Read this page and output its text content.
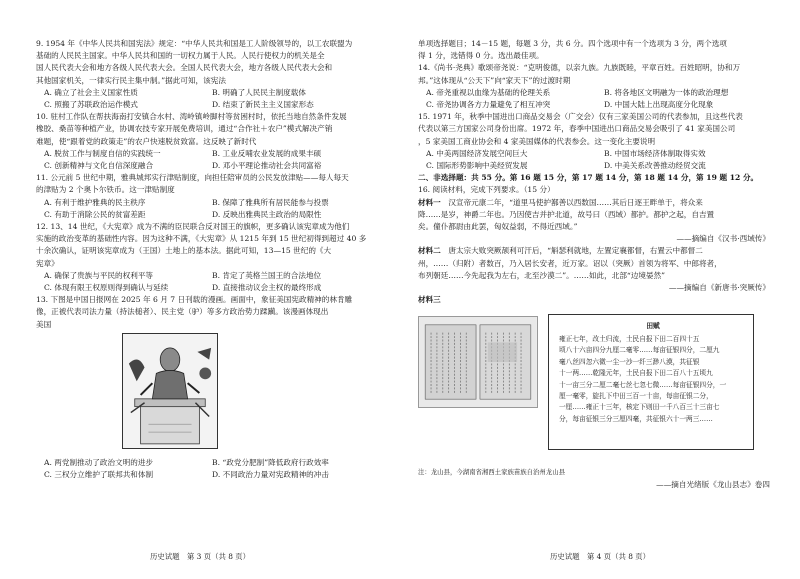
9. 1954 年《中华人民共和国宪法》规定：“中华人民共和国是工人阶级领导的，以工农联盟为
基础的人民民主国家。中华人民共和国的一切权力属于人民。人民行使权力的机关是全
国人民代表大会和地方各级人民代表大会。全国人民代表大会，地方各级人民代表大会和
其他国家机关，一律实行民主集中制。”据此可知，该宪法
A. 确立了社会主义国家性质	B. 明确了人民民主制度载体
C. 照搬了苏联政治运作模式	D. 结束了新民主主义国家形态
10. 驻村工作队在帮扶海南打安镇合水村、湾岭镇岭脚村等贫困村时，依托当地自然条件发展
橡胶、桑苗等种植产业，协调农技专家开展免费培训，通过“合作社＋农户”模式解决产销
难题，使“跟着党的政策走”的农户快速脱贫致富。这反映了新时代
A. 脱贫工作与制度自信的实践统一	B. 工业反哺农业发展的成果丰硕
C. 创新精神与文化自信深度融合	D. 邓小平理论推动社会共同富裕
11. 公元前 5 世纪中期，雅典城邦实行津贴制度，向担任陪审员的公民发放津贴——每人每天
的津贴为 2 个奥卜尔铁币。这一津贴制度
A. 有利于维护雅典的民主秩序	B. 保障了雅典所有居民能参与投票
C. 有助于消除公民的贫富差距	D. 反映出雅典民主政治的局限性
12. 13、14 世纪，《大宪章》成为不满的臣民联合反对国王的旗帜，更多确认该宪章成为他们
实施的政治变革的基础性内容。因为这种不满，《大宪章》从 1215 年到 15 世纪初得到超过 40 多
十余次确认，证明该宪章成为（王国）土地上的基本法。据此可知，13—15 世纪的《大
宪章》
A. 确保了贵族与平民的权利平等	B. 肯定了英格兰国王的合法地位
C. 体现有限王权原则得到确认与延续	D. 直接推动议会主权的最终形成
13. 下图是中国日报网在 2025 年 6 月 7 日刊载的漫画。画面中，象征美国宪政精神的林肯雕
像，正被代表司法力量（持法槌者）、民主党（驴）等多方政治势力蹂躏。该漫画体现出
美国
A. 两党制推动了政治文明的进步	B. “政党分肥制”降低政府行政效率
C. 三权分立维护了联邦共和体制	D. 不同政治力量对宪政精神的冲击
历史试题　第 3 页（共 8 页）
单项选择题目；14－15 题，每题 3 分，共 6 分。四个选项中有一个选项为 3 分，两个选项
得 1 分，选错得 0 分。选出最佳项。
14.《尚书·尧典》歌颂帝尧说：“克明俊德，以亲九族。九族既睦，平章百姓。百姓昭明，协和万
邦。”这体现从“公天下”向“家天下”的过渡时期
A. 帝尧重视以血缘为基础的伦理关系	B. 将各地区文明融为一体的政治理想
C. 帝尧协调各方力量避免了相互冲突	D. 中国大陆上出现高度分化现象
15. 1971 年，秋季中国进出口商品交易会（广交会）仅有三家美国公司的代表参加，且这些代表
代表以第三方国家公司身份出席。1972 年，春季中国进出口商品交易会吸引了 41 家美国公司
，5 家美国工商业协会和 4 家美国媒体的代表参会。这一变化主要说明
A. 中美两国经济发展空间巨大	B. 中国市场经济体制取得实效
C. 国际形势影响中美经贸发展	D. 中美关系改善推动经贸交流
二、非选择题：共 55 分。第 16 题 15 分，第 17 题 14 分，第 18 题 14 分，第 19 题 12 分。
16. 阅读材料，完成下列要求。（15 分）
材料一　汉宣帝元康二年，“道里马使护鄯善以西数国……其后日逐王畔单于，将众来
降……是岁，神爵二年也。乃因使吉并护北道，故号曰（西域）都护。都护之起，自吉置
矣。僮仆都尉由此罢，匈奴益弱，不得近西域。”
——摘编自《汉书·西域传》
材料二　唐太宗大败突厥颉利可汗后，“斛瑟利就地，左置定襄都督，右置云中都督二
州，……（归附）者数百，乃入居长安者，近万家。诏以（突厥）首领为将军、中郎将者，
布列朝廷……今先起我为左右，北至沙漠二”。……如此，北部“边境晏然”
——摘编自《新唐书·突厥传》
材料三
田赋
雍正七年，改土归流，土民自报下田二百四十五
顷八十六亩四分九厘二毫零……每亩征银四分，二厘九
毫八丝四忽六微一尘一沙一纤三渺八漠，共征银
十一两……乾隆元年，土民自报下田二百八十五顷九
十一亩三分二厘二毫七丝七忽七微……每亩征银四分，一
厘一毫零，旋扎下中田三百一十亩，每亩征银二分，
一厘……雍正十三年，核定下则田一千八百三十三亩七
分，每亩征银三分三厘四毫，共征银六十一两三……
注：龙山县，今湖南省湘西土家族苗族自治州龙山县
——摘自光绪版《龙山县志》卷四
历史试题　第 4 页（共 8 页）
